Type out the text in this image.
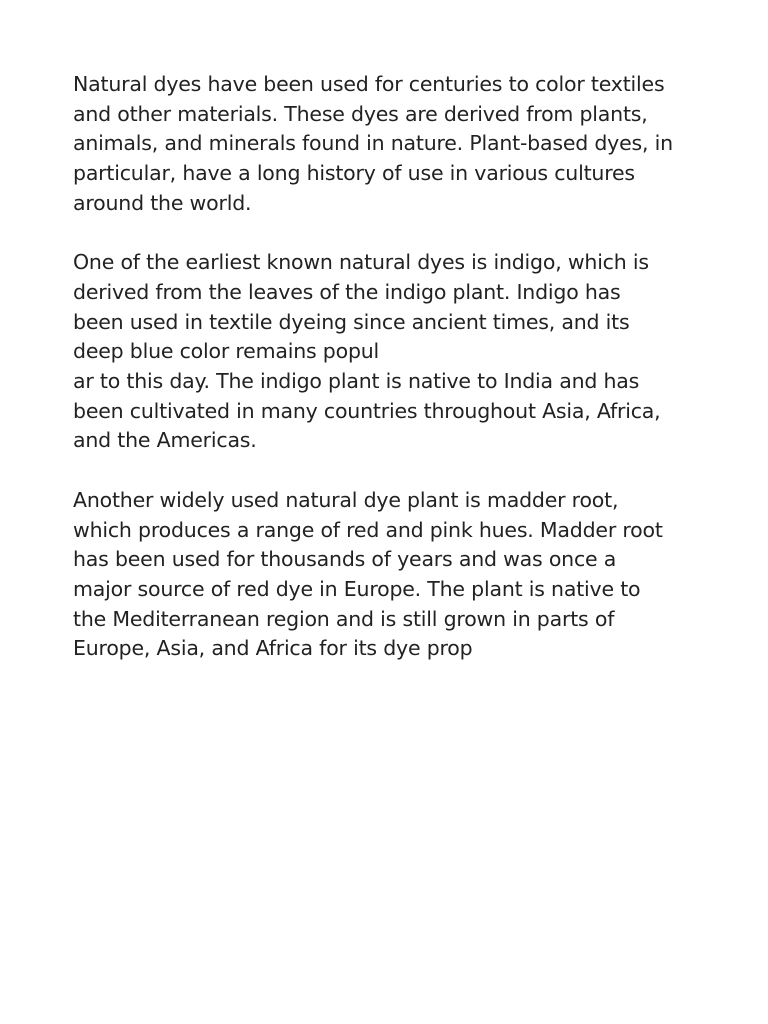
Natural dyes have been used for centuries to color textiles
and other materials. These dyes are derived from plants,
animals, and minerals found in nature. Plant-based dyes, in
particular, have a long history of use in various cultures
around the world.

One of the earliest known natural dyes is indigo, which is
derived from the leaves of the indigo plant. Indigo has
been used in textile dyeing since ancient times, and its
deep blue color remains popul
ar to this day. The indigo plant is native to India and has
been cultivated in many countries throughout Asia, Africa,
and the Americas.

Another widely used natural dye plant is madder root,
which produces a range of red and pink hues. Madder root
has been used for thousands of years and was once a
major source of red dye in Europe. The plant is native to
the Mediterranean region and is still grown in parts of
Europe, Asia, and Africa for its dye prop
